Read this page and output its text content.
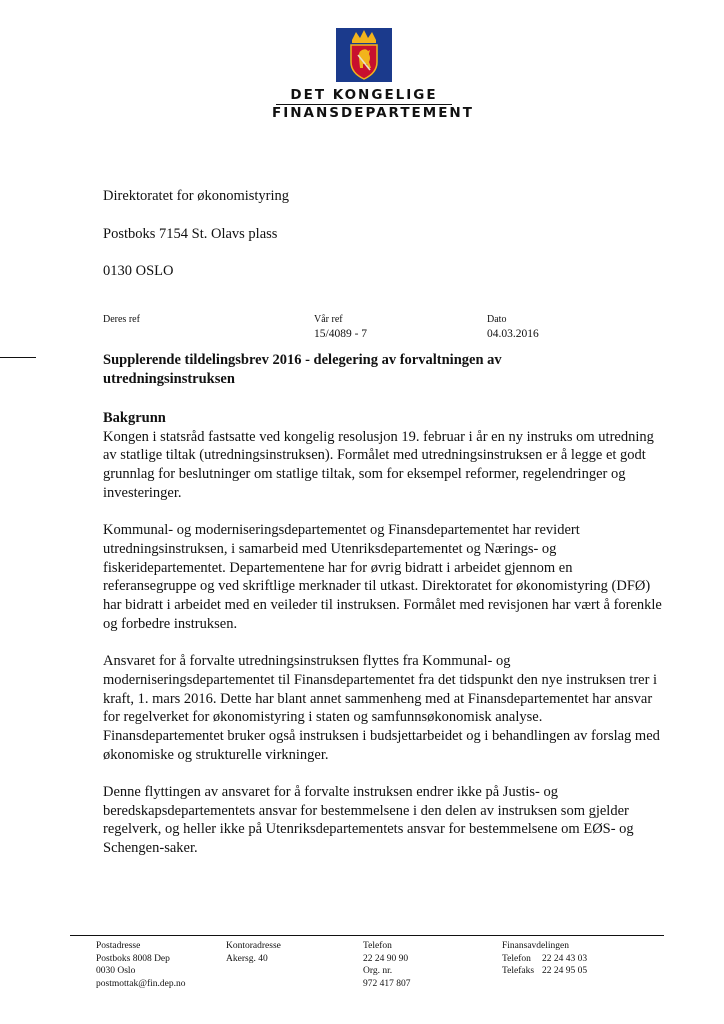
DET KONGELIGE
FINANSDEPARTEMENT
Direktoratet for økonomistyring
Postboks 7154 St. Olavs plass
0130 OSLO
Deres ref	Vår ref
15/4089 - 7
Dato
04.03.2016
Supplerende tildelingsbrev 2016 - delegering av forvaltningen av utredningsinstruksen
Bakgrunn

Kongen i statsråd fastsatte ved kongelig resolusjon 19. februar i år en ny instruks om utredning av statlige tiltak (utredningsinstruksen). Formålet med utredningsinstruksen er å legge et godt grunnlag for beslutninger om statlige tiltak, som for eksempel reformer, regelendringer og investeringer.

Kommunal- og moderniseringsdepartementet og Finansdepartementet har revidert utredningsinstruksen, i samarbeid med Utenriksdepartementet og Nærings- og fiskeridepartementet. Departementene har for øvrig bidratt i arbeidet gjennom en referansegruppe og ved skriftlige merknader til utkast. Direktoratet for økonomistyring (DFØ) har bidratt i arbeidet med en veileder til instruksen. Formålet med revisjonen har vært å forenkle og forbedre instruksen.

Ansvaret for å forvalte utredningsinstruksen flyttes fra Kommunal- og moderniseringsdepartementet til Finansdepartementet fra det tidspunkt den nye instruksen trer i kraft, 1. mars 2016. Dette har blant annet sammenheng med at Finansdepartementet har ansvar for regelverket for økonomistyring i staten og samfunnsøkonomisk analyse. Finansdepartementet bruker også instruksen i budsjettarbeidet og i behandlingen av forslag med økonomiske og strukturelle virkninger.

Denne flyttingen av ansvaret for å forvalte instruksen endrer ikke på Justis- og beredskapsdepartementets ansvar for bestemmelsene i den delen av instruksen som gjelder regelverk, og heller ikke på Utenriksdepartementets ansvar for bestemmelsene om EØS- og Schengen-saker.

Postadresse
Postboks 8008 Dep
0030 Oslo
postmottak@fin.dep.no
Kontoradresse
Akersg. 40
Telefon
22 24 90 90
Org. nr.
972 417 807
Finansavdelingen
Telefon 22 24 43 03
Telefaks 22 24 95 05
